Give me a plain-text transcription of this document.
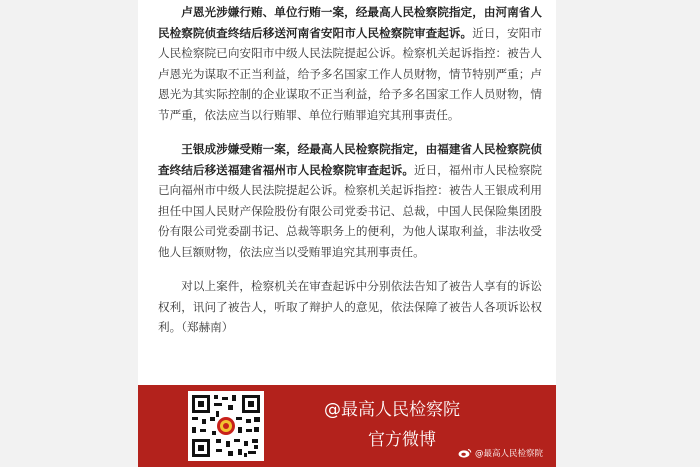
卢恩光涉嫌行贿、单位行贿一案，经最高人民检察院指定，由河南省人民检察院侦查终结后移送河南省安阳市人民检察院审查起诉。近日，安阳市人民检察院已向安阳市中级人民法院提起公诉。检察机关起诉指控：被告人卢恩光为谋取不正当利益，给予多名国家工作人员财物，情节特别严重；卢恩光为其实际控制的企业谋取不正当利益，给予多名国家工作人员财物，情节严重，依法应当以行贿罪、单位行贿罪追究其刑事责任。

王银成涉嫌受贿一案，经最高人民检察院指定，由福建省人民检察院侦查终结后移送福建省福州市人民检察院审查起诉。近日，福州市人民检察院已向福州市中级人民法院提起公诉。检察机关起诉指控：被告人王银成利用担任中国人民财产保险股份有限公司党委书记、总裁，中国人民保险集团股份有限公司党委副书记、总裁等职务上的便利，为他人谋取利益，非法收受他人巨额财物，依法应当以受贿罪追究其刑事责任。

对以上案件，检察机关在审查起诉中分别依法告知了被告人享有的诉讼权利，讯问了被告人，听取了辩护人的意见，依法保障了被告人各项诉讼权利。（郑赫南）

@最高人民检察院
官方微博
@最高人民检察院
